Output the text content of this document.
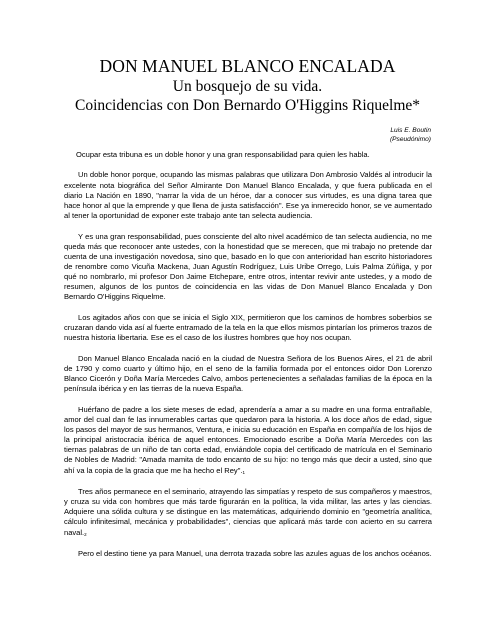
DON MANUEL BLANCO ENCALADA
Un bosquejo de su vida.
Coincidencias con Don Bernardo O'Higgins Riquelme*
Luis E. Boutin
(Pseudónimo)

Ocupar esta tribuna es un doble honor y una gran responsabilidad para quien les habla.

Un doble honor porque, ocupando las mismas palabras que utilizara Don Ambrosio Valdés al introducir la excelente nota biográfica del Señor Almirante Don Manuel Blanco Encalada, y que fuera publicada en el diario La Nación en 1890, "narrar la vida de un héroe, dar a conocer sus virtudes, es una digna tarea que hace honor al que la emprende y que llena de justa satisfacción". Ese ya inmerecido honor, se ve aumentado al tener la oportunidad de exponer este trabajo ante tan selecta audiencia.

Y es una gran responsabilidad, pues consciente del alto nivel académico de tan selecta audiencia, no me queda más que reconocer ante ustedes, con la honestidad que se merecen, que mi trabajo no pretende dar cuenta de una investigación novedosa, sino que, basado en lo que con anterioridad han escrito historiadores de renombre como Vicuña Mackena, Juan Agustín Rodríguez, Luis Uribe Orrego, Luis Palma Zúñiga, y por qué no nombrarlo, mi profesor Don Jaime Etchepare, entre otros, intentar revivir ante ustedes, y a modo de resumen, algunos de los puntos de coincidencia en las vidas de Don Manuel Blanco Encalada y Don Bernardo O'Higgins Riquelme.

Los agitados años con que se inicia el Siglo XIX, permitieron que los caminos de hombres soberbios se cruzaran dando vida así al fuerte entramado de la tela en la que ellos mismos pintarían los primeros trazos de nuestra historia libertaria. Ese es el caso de los ilustres hombres que hoy nos ocupan.

Don Manuel Blanco Encalada nació en la ciudad de Nuestra Señora de los Buenos Aires, el 21 de abril de 1790 y como cuarto y último hijo, en el seno de la familia formada por el entonces oidor Don Lorenzo Blanco Cicerón y Doña María Mercedes Calvo, ambos pertenecientes a señaladas familias de la época en la península ibérica y en las tierras de la nueva España.

Huérfano de padre a los siete meses de edad, aprendería a amar a su madre en una forma entrañable, amor del cual dan fe las innumerables cartas que quedaron para la historia. A los doce años de edad, sigue los pasos del mayor de sus hermanos, Ventura, e inicia su educación en España en compañía de los hijos de la principal aristocracia ibérica de aquel entonces. Emocionado escribe a Doña María Mercedes con las tiernas palabras de un niño de tan corta edad, enviándole copia del certificado de matrícula en el Seminario de Nobles de Madrid: "Amada mamita de todo encanto de su hijo: no tengo más que decir a usted, sino que ahí va la copia de la gracia que me ha hecho el Rey".$^1$

Tres años permanece en el seminario, atrayendo las simpatías y respeto de sus compañeros y maestros, y cruza su vida con hombres que más tarde figurarán en la política, la vida militar, las artes y las ciencias. Adquiere una sólida cultura y se distingue en las matemáticas, adquiriendo dominio en "geometría analítica, cálculo infinitesimal, mecánica y probabilidades", ciencias que aplicará más tarde con acierto en su carrera naval.$^2$

Pero el destino tiene ya para Manuel, una derrota trazada sobre las azules aguas de los anchos océanos.
